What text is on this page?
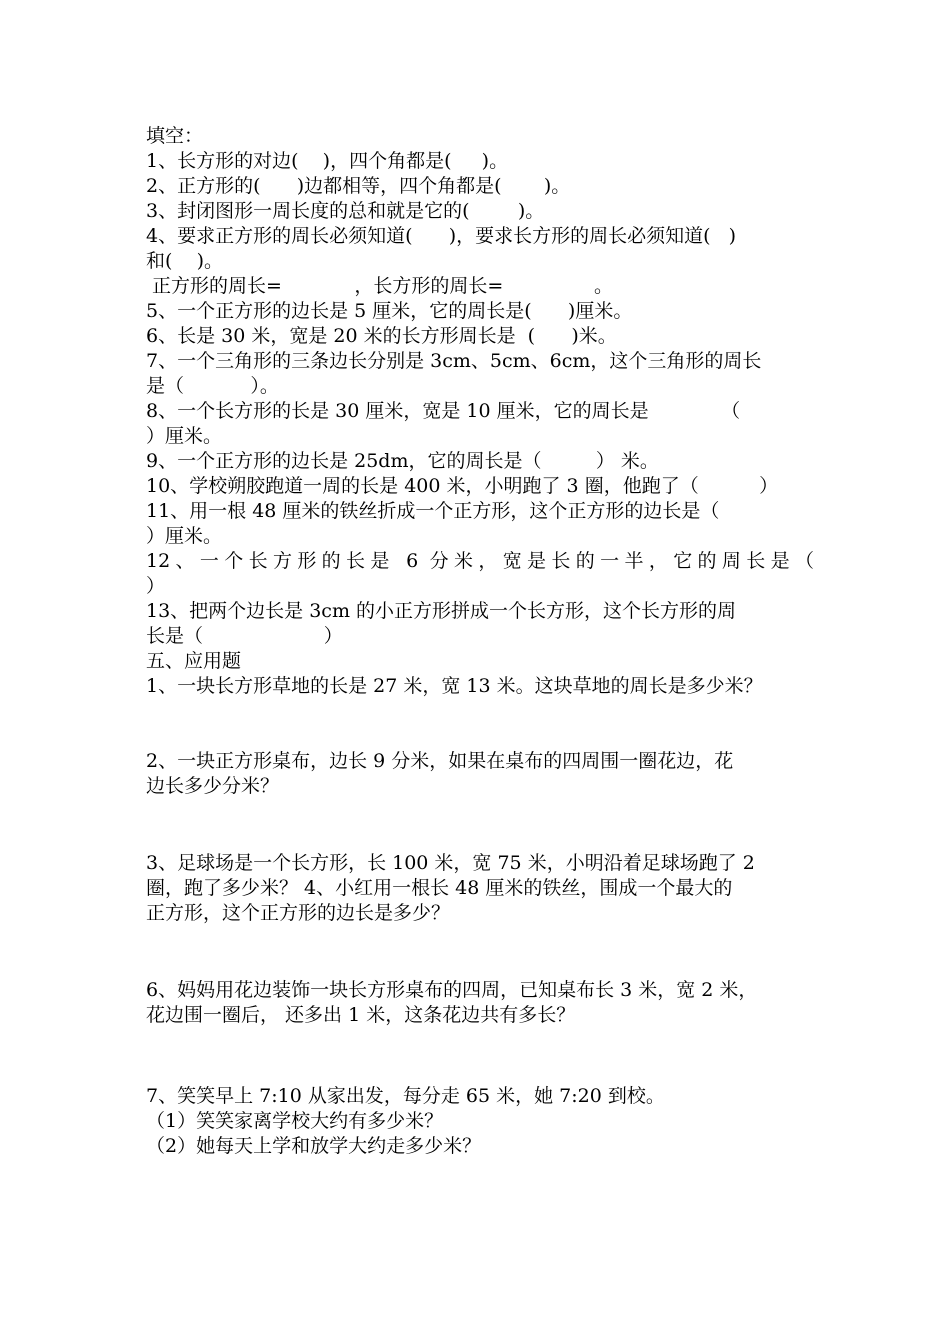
填空：
1、长方形的对边(    )，四个角都是(     )。
2、正方形的(      )边都相等，四个角都是(       )。
3、封闭图形一周长度的总和就是它的(        )。
4、要求正方形的周长必须知道(      )，要求长方形的周长必须知道(   )
和(    )。
正方形的周长=            ，长方形的周长=               。
5、一个正方形的边长是 5 厘米，它的周长是(      )厘米。
6、长是 30 米，宽是 20 米的长方形周长是  (      )米。
7、一个三角形的三条边长分别是 3cm、5cm、6cm，这个三角形的周长
是（           ）。
8、一个长方形的长是 30 厘米，宽是 10 厘米，它的周长是            （
）厘米。
9、一个正方形的边长是 25dm，它的周长是（         ） 米。
10、学校朔胶跑道一周的长是 400 米，小明跑了 3 圈，他跑了（          ）
11、用一根 48 厘米的铁丝折成一个正方形，这个正方形的边长是（
）厘米。
12、一个长方形的长是 6 分米，宽是长的一半，它的周长是（
）
13、把两个边长是 3cm 的小正方形拼成一个长方形，这个长方形的周
长是（                    ）
五、应用题
1、一块长方形草地的长是 27 米，宽 13 米。这块草地的周长是多少米？
2、一块正方形桌布，边长 9 分米，如果在桌布的四周围一圈花边，花
边长多少分米？
3、足球场是一个长方形，长 100 米，宽 75 米，小明沿着足球场跑了 2
圈，跑了多少米？ 4、小红用一根长 48 厘米的铁丝，围成一个最大的
正方形，这个正方形的边长是多少？
6、妈妈用花边装饰一块长方形桌布的四周，已知桌布长 3 米，宽 2 米，
花边围一圈后， 还多出 1 米，这条花边共有多长？
7、笑笑早上 7:10 从家出发，每分走 65 米，她 7:20 到校。
（1）笑笑家离学校大约有多少米？
（2）她每天上学和放学大约走多少米？
